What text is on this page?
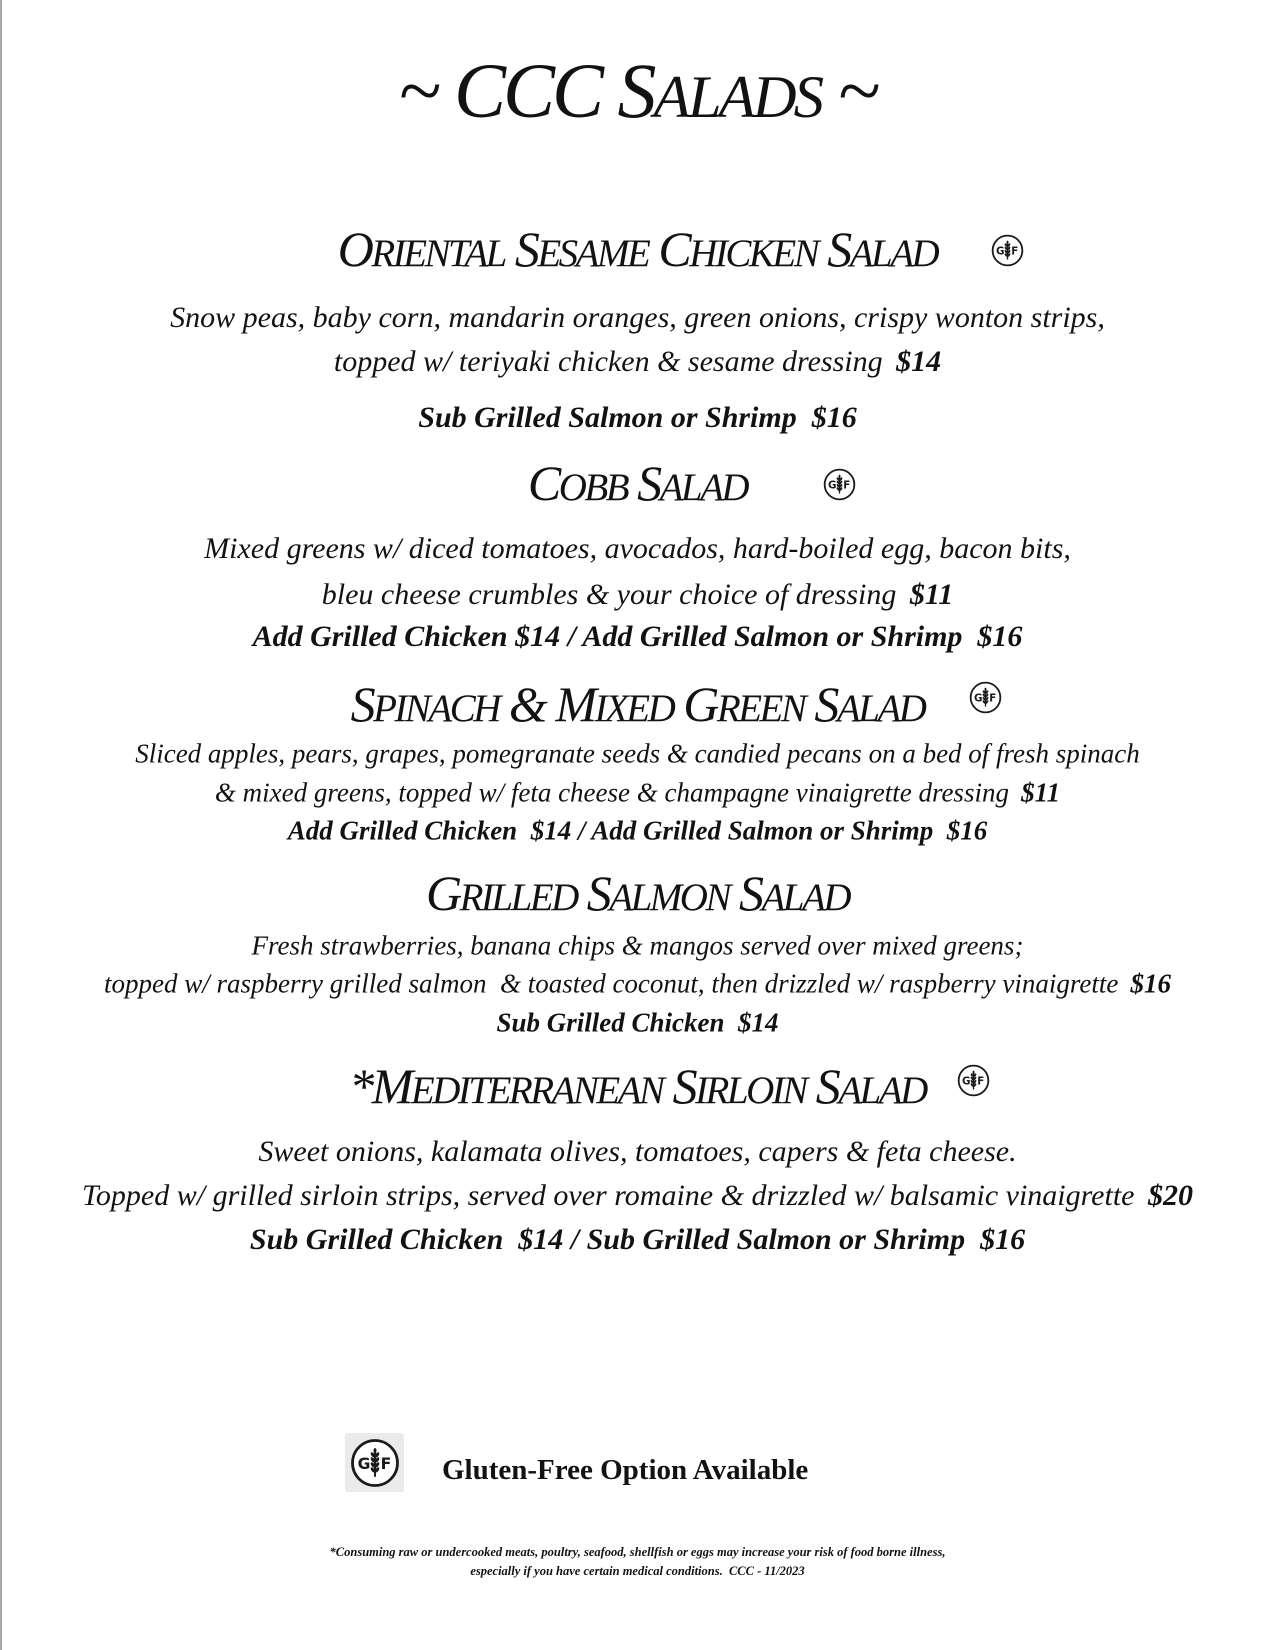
~ CCC SALADS ~
ORIENTAL SESAME CHICKEN SALAD	G F
Snow peas, baby corn, mandarin oranges, green onions, crispy wonton strips,
topped w/ teriyaki chicken & sesame dressing $14
Sub Grilled Salmon or Shrimp  $16
COBB SALAD	G F
Mixed greens w/ diced tomatoes, avocados, hard-boiled egg, bacon bits,
bleu cheese crumbles & your choice of dressing $11
Add Grilled Chicken $14 / Add Grilled Salmon or Shrimp  $16
SPINACH & MIXED GREEN SALAD	G F
Sliced apples, pears, grapes, pomegranate seeds & candied pecans on a bed of fresh spinach
& mixed greens, topped w/ feta cheese & champagne vinaigrette dressing $11
Add Grilled Chicken  $14 / Add Grilled Salmon or Shrimp  $16
GRILLED SALMON SALAD
Fresh strawberries, banana chips & mangos served over mixed greens;
topped w/ raspberry grilled salmon  & toasted coconut, then drizzled w/ raspberry vinaigrette $16
Sub Grilled Chicken  $14
*MEDITERRANEAN SIRLOIN SALAD	G F
Sweet onions, kalamata olives, tomatoes, capers & feta cheese.
Topped w/ grilled sirloin strips, served over romaine & drizzled w/ balsamic vinaigrette $20
Sub Grilled Chicken  $14 / Sub Grilled Salmon or Shrimp  $16
G F Gluten-Free Option Available
*Consuming raw or undercooked meats, poultry, seafood, shellfish or eggs may increase your risk of food borne illness,
especially if you have certain medical conditions.  CCC - 11/2023
